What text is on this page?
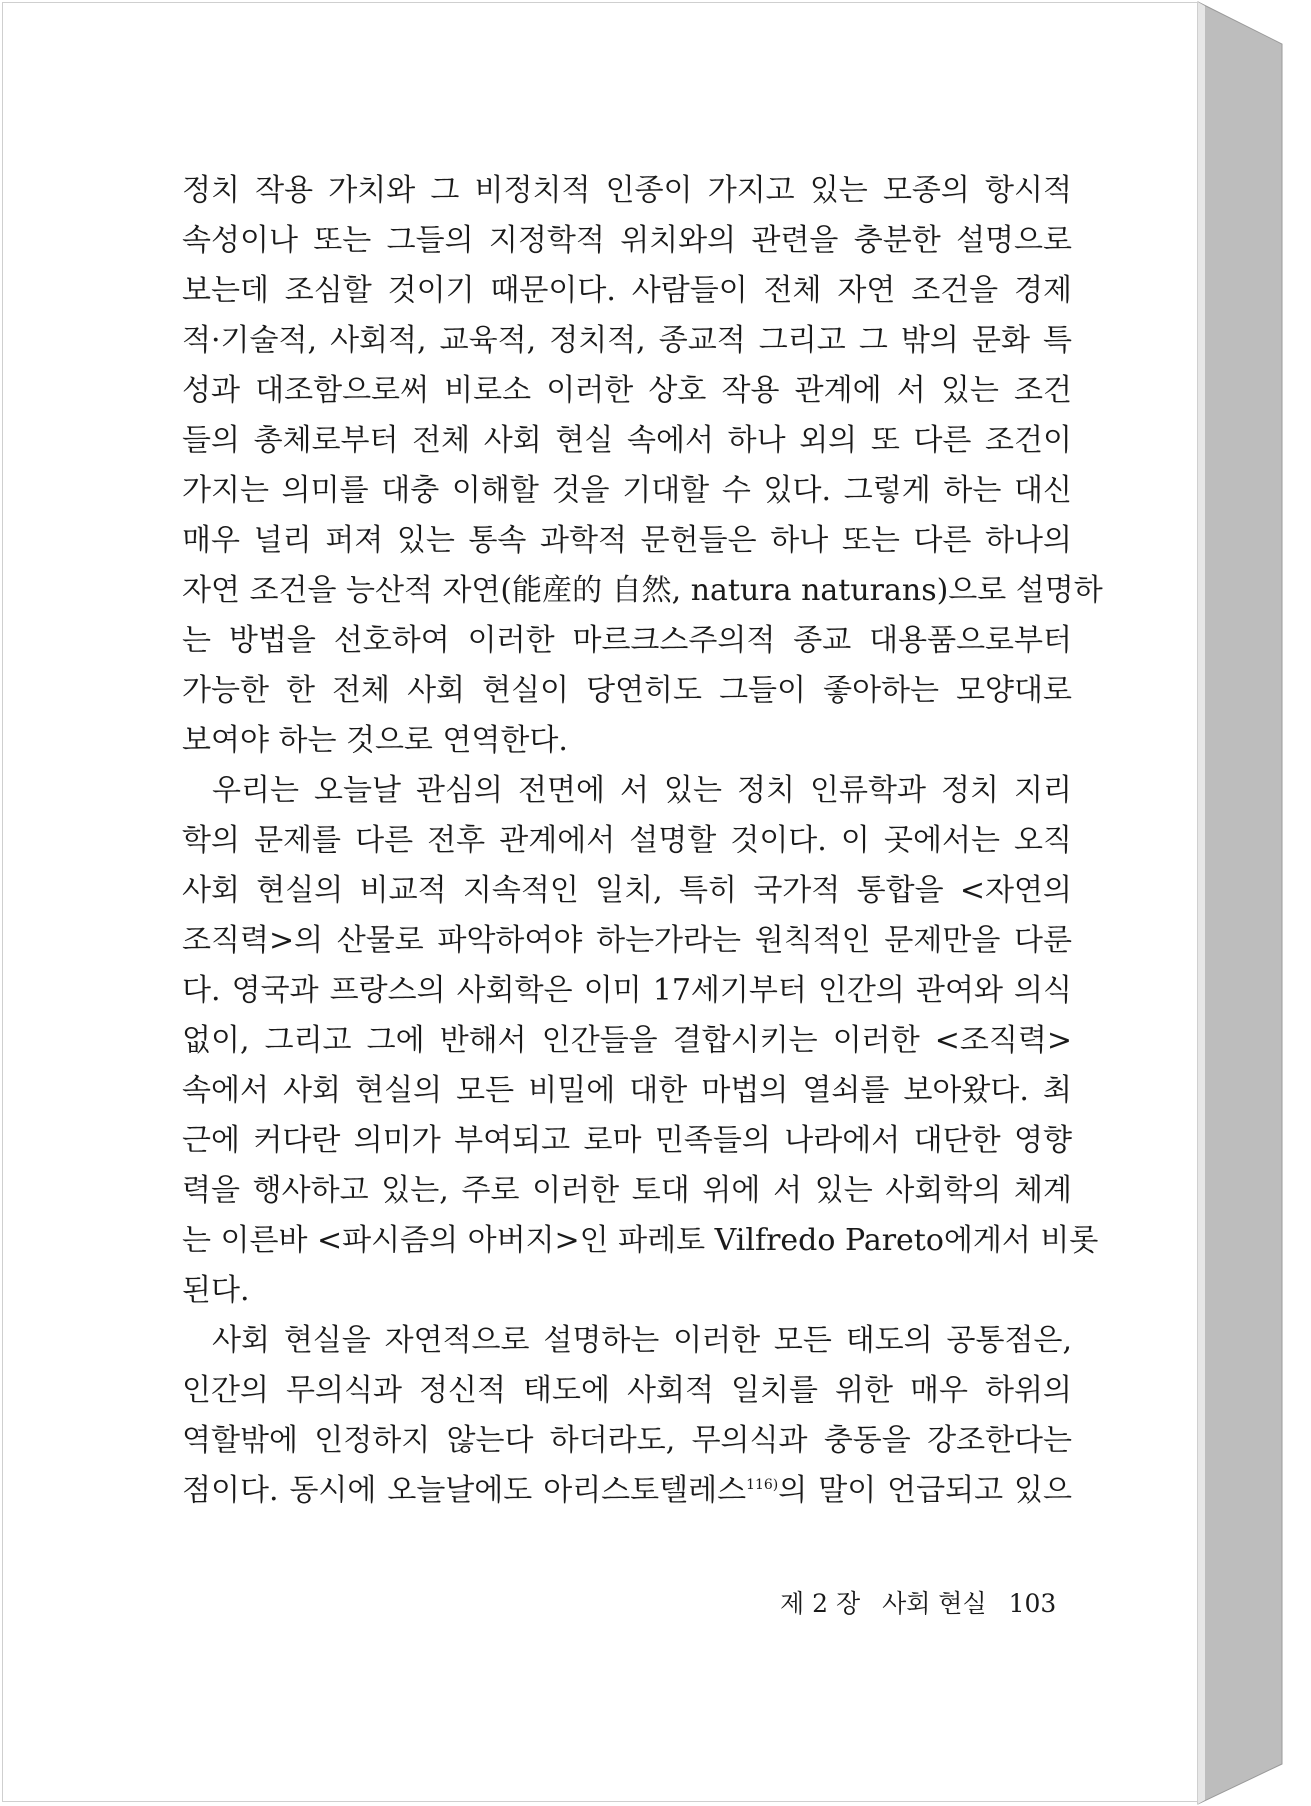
정치 작용 가치와 그 비정치적 인종이 가지고 있는 모종의 항시적
속성이나 또는 그들의 지정학적 위치와의 관련을 충분한 설명으로
보는데 조심할 것이기 때문이다. 사람들이 전체 자연 조건을 경제
적·기술적, 사회적, 교육적, 정치적, 종교적 그리고 그 밖의 문화 특
성과 대조함으로써 비로소 이러한 상호 작용 관계에 서 있는 조건
들의 총체로부터 전체 사회 현실 속에서 하나 외의 또 다른 조건이
가지는 의미를 대충 이해할 것을 기대할 수 있다. 그렇게 하는 대신
매우 널리 퍼져 있는 통속 과학적 문헌들은 하나 또는 다른 하나의
자연 조건을 능산적 자연(能産的 自然, natura naturans)으로 설명하
는 방법을 선호하여 이러한 마르크스주의적 종교 대용품으로부터
가능한 한 전체 사회 현실이 당연히도 그들이 좋아하는 모양대로
보여야 하는 것으로 연역한다.
우리는 오늘날 관심의 전면에 서 있는 정치 인류학과 정치 지리
학의 문제를 다른 전후 관계에서 설명할 것이다. 이 곳에서는 오직
사회 현실의 비교적 지속적인 일치, 특히 국가적 통합을 <자연의
조직력>의 산물로 파악하여야 하는가라는 원칙적인 문제만을 다룬
다. 영국과 프랑스의 사회학은 이미 17세기부터 인간의 관여와 의식
없이, 그리고 그에 반해서 인간들을 결합시키는 이러한 <조직력>
속에서 사회 현실의 모든 비밀에 대한 마법의 열쇠를 보아왔다. 최
근에 커다란 의미가 부여되고 로마 민족들의 나라에서 대단한 영향
력을 행사하고 있는, 주로 이러한 토대 위에 서 있는 사회학의 체계
는 이른바 <파시즘의 아버지>인 파레토 Vilfredo Pareto에게서 비롯
된다.
사회 현실을 자연적으로 설명하는 이러한 모든 태도의 공통점은,
인간의 무의식과 정신적 태도에 사회적 일치를 위한 매우 하위의
역할밖에 인정하지 않는다 하더라도, 무의식과 충동을 강조한다는
점이다. 동시에 오늘날에도 아리스토텔레스$^{116)}$의 말이 언급되고 있으
제 2 장 사회 현실 103
